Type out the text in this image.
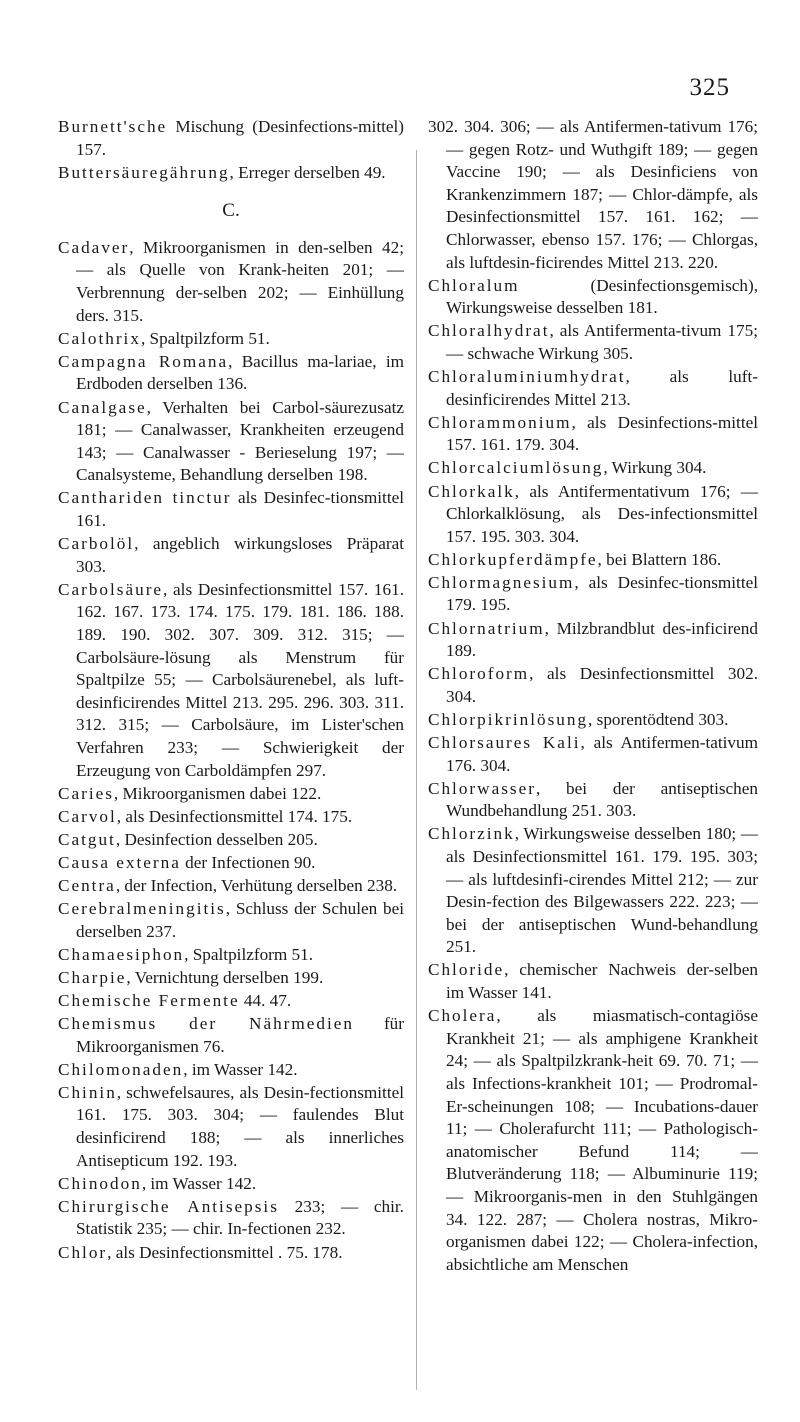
325

Burnett'sche Mischung (Desinfections-mittel) 157.

Buttersäuregährung, Erreger derselben 49.

C.

Cadaver, Mikroorganismen in den-selben 42; — als Quelle von Krank-heiten 201; — Verbrennung der-selben 202; — Einhüllung ders. 315.

Calothrix, Spaltpilzform 51.

Campagna Romana, Bacillus ma-lariae, im Erdboden derselben 136.

Canalgase, Verhalten bei Carbol-säurezusatz 181; — Canalwasser, Krankheiten erzeugend 143; — Canalwasser - Berieselung 197; — Canalsysteme, Behandlung derselben 198.

Canthariden tinctur als Desinfec-tionsmittel 161.

Carbolöl, angeblich wirkungsloses Präparat 303.

Carbolsäure, als Desinfectionsmittel 157. 161. 162. 167. 173. 174. 175. 179. 181. 186. 188. 189. 190. 302. 307. 309. 312. 315; — Carbolsäure-lösung als Menstrum für Spaltpilze 55; — Carbolsäurenebel, als luft-desinficirendes Mittel 213. 295. 296. 303. 311. 312. 315; — Carbolsäure, im Lister'schen Verfahren 233; — Schwierigkeit der Erzeugung von Carboldämpfen 297.

Caries, Mikroorganismen dabei 122.

Carvol, als Desinfectionsmittel 174. 175.

Catgut, Desinfection desselben 205.

Causa externa der Infectionen 90.

Centra, der Infection, Verhütung derselben 238.

Cerebralmeningitis, Schluss der Schulen bei derselben 237.

Chamaesiphon, Spaltpilzform 51.

Charpie, Vernichtung derselben 199.

Chemische Fermente 44. 47.

Chemismus der Nährmedien für Mikroorganismen 76.

Chilomonaden, im Wasser 142.

Chinin, schwefelsaures, als Desin-fectionsmittel 161. 175. 303. 304; — faulendes Blut desinficirend 188; — als innerliches Antisepticum 192. 193.

Chinodon, im Wasser 142.

Chirurgische Antisepsis 233; — chir. Statistik 235; — chir. In-fectionen 232.

Chlor, als Desinfectionsmittel . 75. 178.

302. 304. 306; — als Antifermen-tativum 176; — gegen Rotz- und Wuthgift 189; — gegen Vaccine 190; — als Desinficiens von Krankenzimmern 187; — Chlor-dämpfe, als Desinfectionsmittel 157. 161. 162; — Chlorwasser, ebenso 157. 176; — Chlorgas, als luftdesin-ficirendes Mittel 213. 220.

Chloralum (Desinfectionsgemisch), Wirkungsweise desselben 181.

Chloralhydrat, als Antifermenta-tivum 175; — schwache Wirkung 305.

Chloraluminiumhydrat, als luft-desinficirendes Mittel 213.

Chlorammonium, als Desinfections-mittel 157. 161. 179. 304.

Chlorcalciumlösung, Wirkung 304.

Chlorkalk, als Antifermentativum 176; — Chlorkalklösung, als Des-infectionsmittel 157. 195. 303. 304.

Chlorkupferdämpfe, bei Blattern 186.

Chlormagnesium, als Desinfec-tionsmittel 179. 195.

Chlornatrium, Milzbrandblut des-inficirend 189.

Chloroform, als Desinfectionsmittel 302. 304.

Chlorpikrinlösung, sporentödtend 303.

Chlorsaures Kali, als Antifermen-tativum 176. 304.

Chlorwasser, bei der antiseptischen Wundbehandlung 251. 303.

Chlorzink, Wirkungsweise desselben 180; — als Desinfectionsmittel 161. 179. 195. 303; — als luftdesinfi-cirendes Mittel 212; — zur Desin-fection des Bilgewassers 222. 223; — bei der antiseptischen Wund-behandlung 251.

Chloride, chemischer Nachweis der-selben im Wasser 141.

Cholera, als miasmatisch-contagiöse Krankheit 21; — als amphigene Krankheit 24; — als Spaltpilzkrank-heit 69. 70. 71; — als Infections-krankheit 101; — Prodromal-Er-scheinungen 108; — Incubations-dauer 11; — Cholerafurcht 111; — Pathologisch-anatomischer Befund 114; — Blutveränderung 118; — Albuminurie 119; — Mikroorganis-men in den Stuhlgängen 34. 122. 287; — Cholera nostras, Mikro-organismen dabei 122; — Cholera-infection, absichtliche am Menschen
